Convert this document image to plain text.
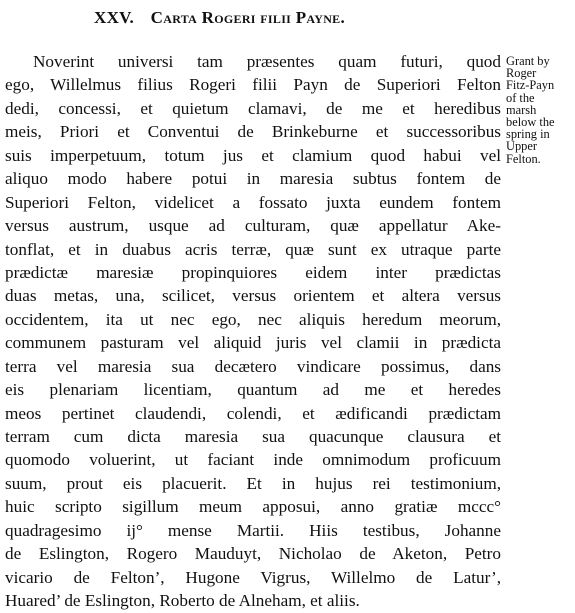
XXV. Carta Rogeri filii Payne.
Noverint universi tam præsentes quam futuri, quod
ego, Willelmus filius Rogeri filii Payn de Superiori Felton
dedi, concessi, et quietum clamavi, de me et heredibus
meis, Priori et Conventui de Brinkeburne et successoribus
suis imperpetuum, totum jus et clamium quod habui vel
aliquo modo habere potui in maresia subtus fontem de
Superiori Felton, videlicet a fossato juxta eundem fontem
versus austrum, usque ad culturam, quæ appellatur Ake-
tonflat, et in duabus acris terræ, quæ sunt ex utraque parte
prædictæ maresiæ propinquiores eidem inter prædictas
duas metas, una, scilicet, versus orientem et altera versus
occidentem, ita ut nec ego, nec aliquis heredum meorum,
communem pasturam vel aliquid juris vel clamii in prædicta
terra vel maresia sua decætero vindicare possimus, dans
eis plenariam licentiam, quantum ad me et heredes
meos pertinet claudendi, colendi, et ædificandi prædictam
terram cum dicta maresia sua quacunque clausura et
quomodo voluerint, ut faciant inde omnimodum proficuum
suum, prout eis placuerit. Et in hujus rei testimonium,
huic scripto sigillum meum apposui, anno gratiæ mccc°
quadragesimo ij° mense Martii. Hiis testibus, Johanne
de Eslington, Rogero Mauduyt, Nicholao de Aketon, Petro
vicario de Felton’, Hugone Vigrus, Willelmo de Latur’,
Huared’ de Eslington, Roberto de Alneham, et aliis.
Grant by
Roger
Fitz-Payn
of the
marsh
below the
spring in
Upper
Felton.
